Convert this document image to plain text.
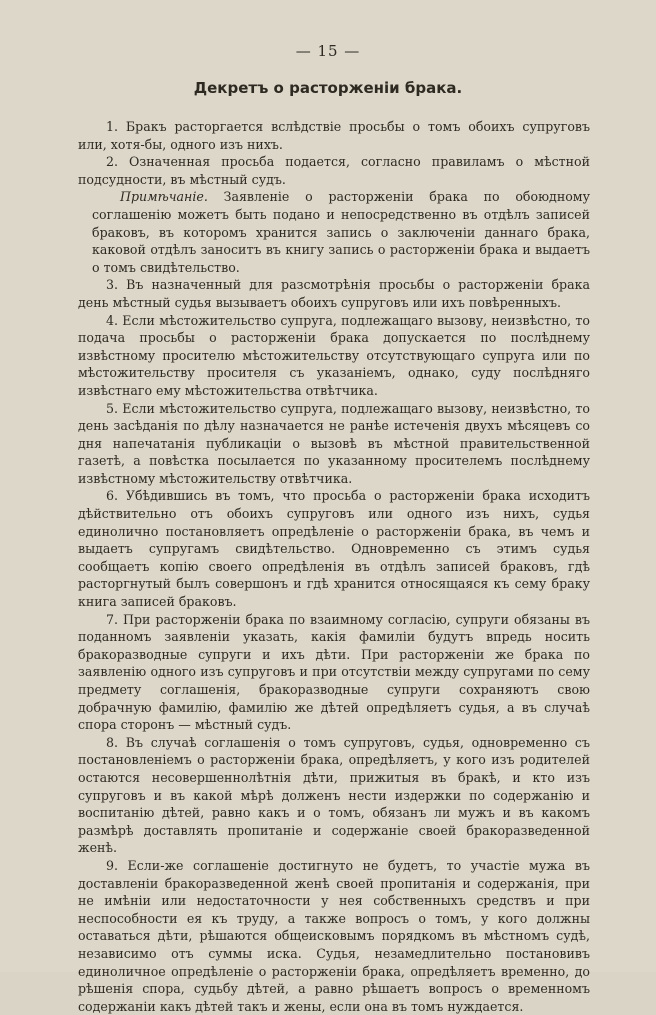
— 15 —
Декретъ о расторженіи брака.

1. Бракъ расторгается вслѣдствіе просьбы о томъ обоихъ супруговъ или, хотя-бы, одного изъ нихъ.

2. Означенная просьба подается, согласно правиламъ о мѣстной подсудности, въ мѣстный судъ.

Примѣчаніе. Заявленіе о расторженіи брака по обоюдному соглашенію можетъ быть подано и непосредственно въ отдѣлъ записей браковъ, въ которомъ хранится запись о заключеніи даннаго брака, каковой отдѣлъ заноситъ въ книгу запись о расторженіи брака и выдаетъ о томъ свидѣтельство.

3. Въ назначенный для разсмотрѣнія просьбы о расторженіи брака день мѣстный судья вызываетъ обоихъ супруговъ или ихъ повѣренныхъ.

4. Если мѣстожительство супруга, подлежащаго вызову, неизвѣстно, то подача просьбы о расторженіи брака допускается по послѣднему извѣстному просителю мѣстожительству отсутствующаго супруга или по мѣстожительству просителя съ указаніемъ, однако, суду послѣдняго извѣстнаго ему мѣстожительства отвѣтчика.

5. Если мѣстожительство супруга, подлежащаго вызову, неизвѣстно, то день засѣданія по дѣлу назначается не ранѣе истеченія двухъ мѣсяцевъ со дня напечатанія публикаціи о вызовѣ въ мѣстной правительственной газетѣ, а повѣстка посылается по указанному просителемъ послѣднему извѣстному мѣстожительству отвѣтчика.

6. Убѣдившись въ томъ, что просьба о расторженіи брака исходитъ дѣйствительно отъ обоихъ супруговъ или одного изъ нихъ, судья единолично постановляетъ опредѣленіе о расторженіи брака, въ чемъ и выдаетъ супругамъ свидѣтельство. Одновременно съ этимъ судья сообщаетъ копію своего опредѣленія въ отдѣлъ записей браковъ, гдѣ расторгнутый былъ совершонъ и гдѣ хранится относящаяся къ сему браку книга записей браковъ.

7. При расторженіи брака по взаимному согласію, супруги обязаны въ поданномъ заявленіи указать, какія фамиліи будутъ впредь носить бракоразводные супруги и ихъ дѣти. При расторженіи же брака по заявленію одного изъ супруговъ и при отсутствіи между супругами по сему предмету соглашенія, бракоразводные супруги сохраняютъ свою добрачную фамилію, фамилію же дѣтей опредѣляетъ судья, а въ случаѣ спора сторонъ — мѣстный судъ.

8. Въ случаѣ соглашенія о томъ супруговъ, судья, одновременно съ постановленіемъ о расторженіи брака, опредѣляетъ, у кого изъ родителей остаются несовершеннолѣтнія дѣти, прижитыя въ бракѣ, и кто изъ супруговъ и въ какой мѣрѣ долженъ нести издержки по содержанію и воспитанію дѣтей, равно какъ и о томъ, обязанъ ли мужъ и въ какомъ размѣрѣ доставлять пропитаніе и содержаніе своей бракоразведенной женѣ.

9. Если-же соглашеніе достигнуто не будетъ, то участіе мужа въ доставленіи бракоразведенной женѣ своей пропитанія и содержанія, при не имѣніи или недостаточности у нея собственныхъ средствъ и при неспособности ея къ труду, а также вопросъ о томъ, у кого должны оставаться дѣти, рѣшаются общеисковымъ порядкомъ въ мѣстномъ судѣ, независимо отъ суммы иска. Судья, незамедлительно постановивъ единоличное опредѣленіе о расторженіи брака, опредѣляетъ временно, до рѣшенія спора, судьбу дѣтей, а равно рѣшаетъ вопросъ о временномъ содержаніи какъ дѣтей такъ и жены, если она въ томъ нуждается.
